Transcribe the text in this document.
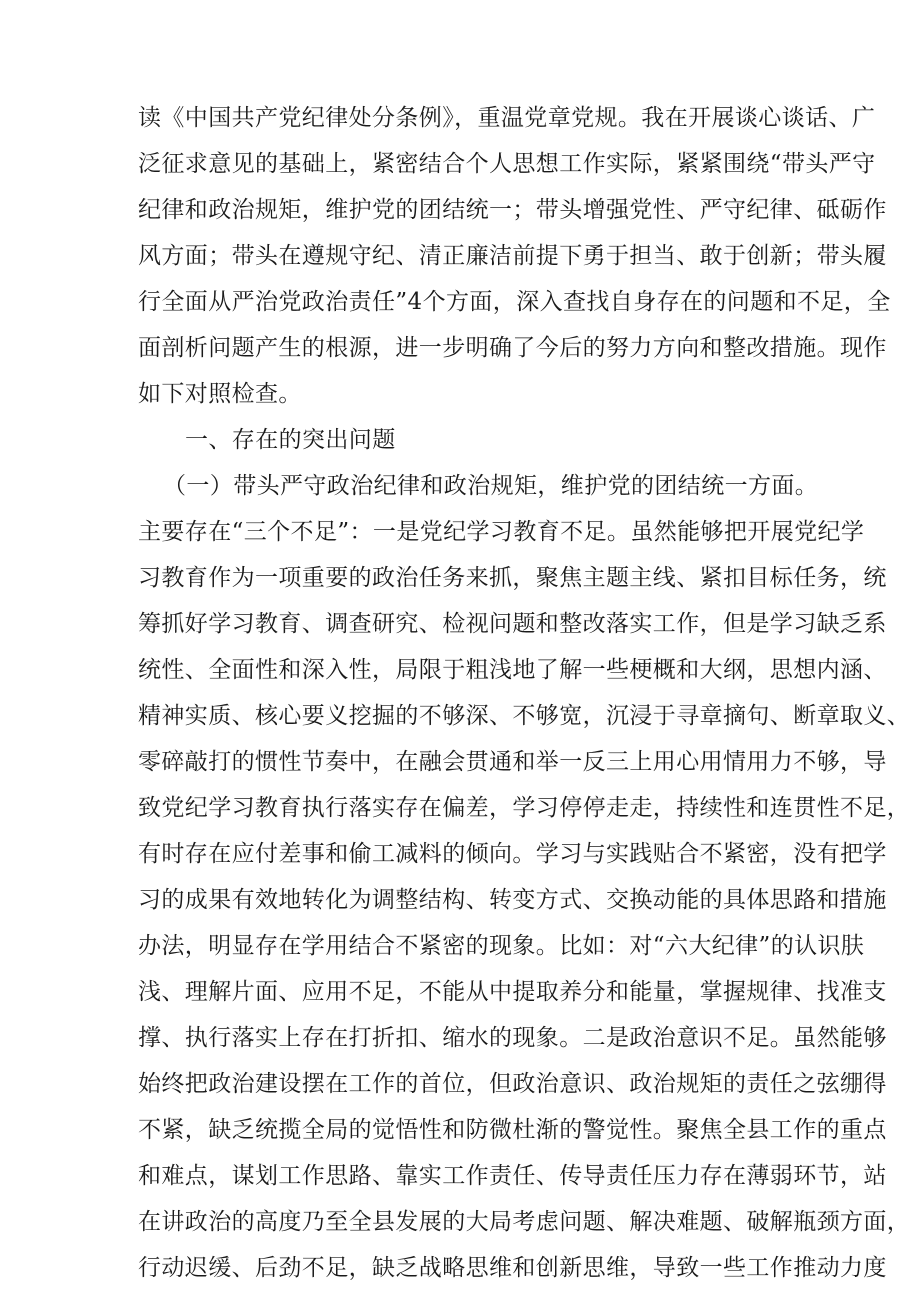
读《中国共产党纪律处分条例》，重温党章党规。我在开展谈心谈话、广
泛征求意见的基础上，紧密结合个人思想工作实际，紧紧围绕“带头严守
纪律和政治规矩，维护党的团结统一；带头增强党性、严守纪律、砥砺作
风方面；带头在遵规守纪、清正廉洁前提下勇于担当、敢于创新；带头履
行全面从严治党政治责任”4个方面，深入查找自身存在的问题和不足，全
面剖析问题产生的根源，进一步明确了今后的努力方向和整改措施。现作
如下对照检查。
一、存在的突出问题
（一）带头严守政治纪律和政治规矩，维护党的团结统一方面。
主要存在“三个不足”：一是党纪学习教育不足。虽然能够把开展党纪学
习教育作为一项重要的政治任务来抓，聚焦主题主线、紧扣目标任务，统
筹抓好学习教育、调查研究、检视问题和整改落实工作，但是学习缺乏系
统性、全面性和深入性，局限于粗浅地了解一些梗概和大纲，思想内涵、
精神实质、核心要义挖掘的不够深、不够宽，沉浸于寻章摘句、断章取义、
零碎敲打的惯性节奏中，在融会贯通和举一反三上用心用情用力不够，导
致党纪学习教育执行落实存在偏差，学习停停走走，持续性和连贯性不足，
有时存在应付差事和偷工减料的倾向。学习与实践贴合不紧密，没有把学
习的成果有效地转化为调整结构、转变方式、交换动能的具体思路和措施
办法，明显存在学用结合不紧密的现象。比如：对“六大纪律”的认识肤
浅、理解片面、应用不足，不能从中提取养分和能量，掌握规律、找准支
撑、执行落实上存在打折扣、缩水的现象。二是政治意识不足。虽然能够
始终把政治建设摆在工作的首位，但政治意识、政治规矩的责任之弦绷得
不紧，缺乏统揽全局的觉悟性和防微杜渐的警觉性。聚焦全县工作的重点
和难点，谋划工作思路、靠实工作责任、传导责任压力存在薄弱环节，站
在讲政治的高度乃至全县发展的大局考虑问题、解决难题、破解瓶颈方面，
行动迟缓、后劲不足，缺乏战略思维和创新思维，导致一些工作推动力度
